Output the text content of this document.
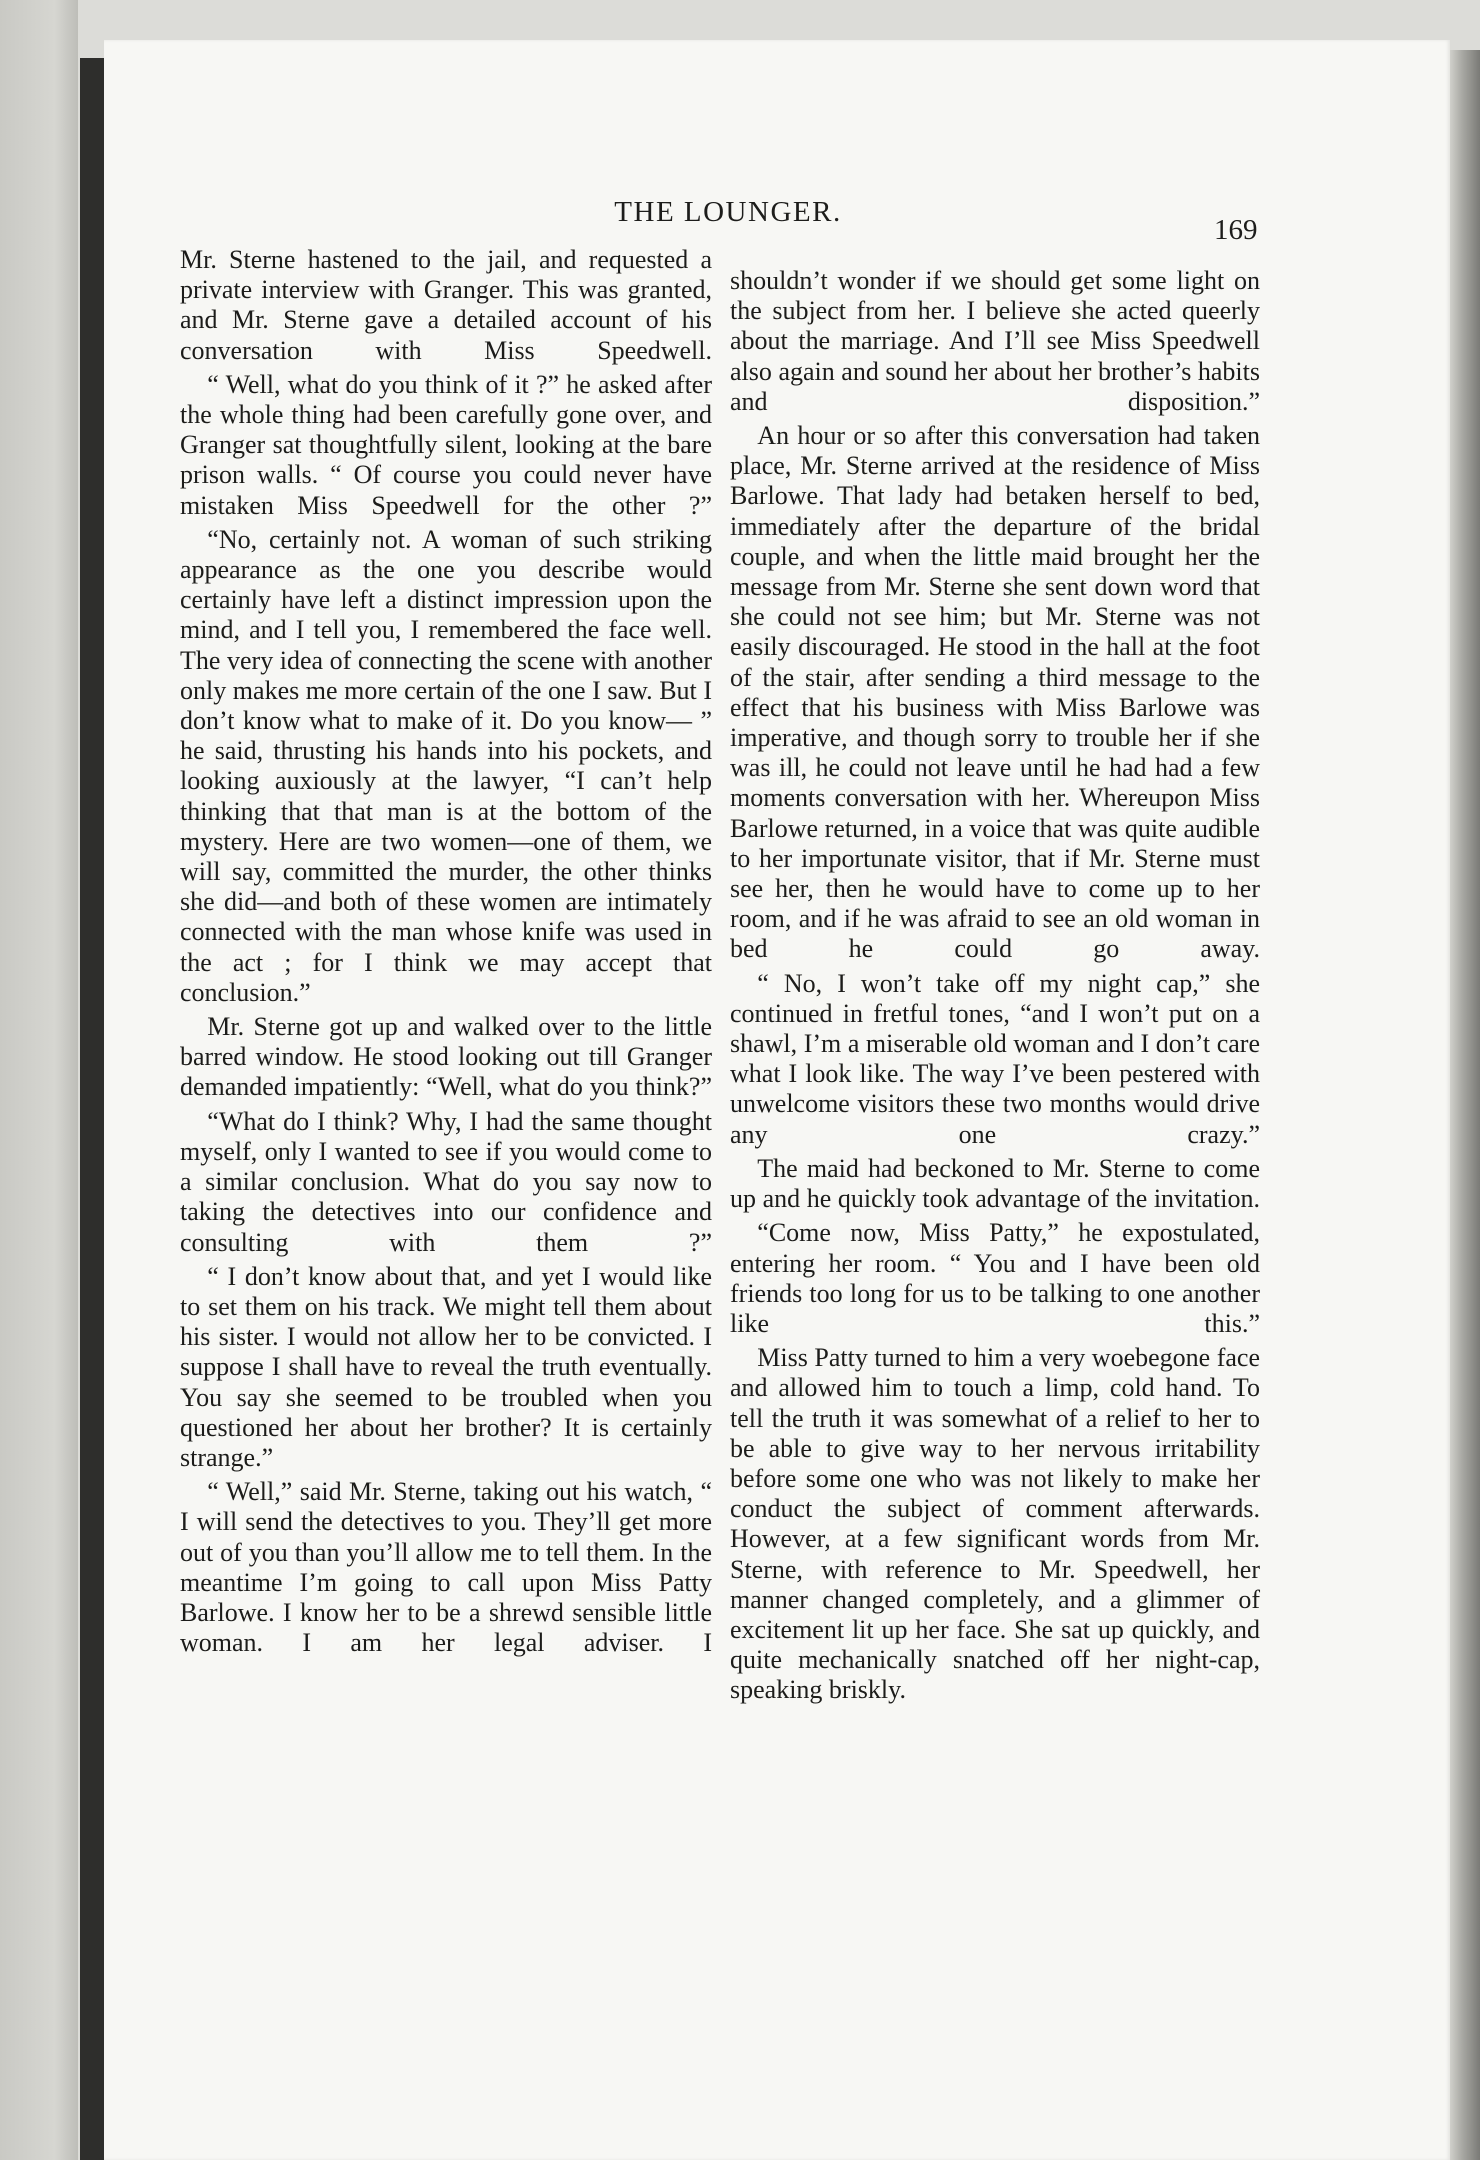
THE LOUNGER.
169

Mr. Sterne hastened to the jail, and requested a private interview with Granger. This was granted, and Mr. Sterne gave a detailed account of his conversation with Miss Speedwell.

“ Well, what do you think of it ?” he asked after the whole thing had been carefully gone over, and Granger sat thoughtfully silent, looking at the bare prison walls. “ Of course you could never have mistaken Miss Speedwell for the other ?”

“No, certainly not. A woman of such striking appearance as the one you describe would certainly have left a distinct impression upon the mind, and I tell you, I remembered the face well. The very idea of connecting the scene with another only makes me more certain of the one I saw. But I don’t know what to make of it. Do you know— ” he said, thrusting his hands into his pockets, and looking auxiously at the lawyer, “I can’t help thinking that that man is at the bottom of the mystery. Here are two women—one of them, we will say, committed the murder, the other thinks she did—and both of these women are intimately connected with the man whose knife was used in the act ; for I think we may accept that conclusion.”

Mr. Sterne got up and walked over to the little barred window. He stood looking out till Granger demanded impatiently: “Well, what do you think?”

“What do I think? Why, I had the same thought myself, only I wanted to see if you would come to a similar conclusion. What do you say now to taking the detectives into our confidence and consulting with them ?”

“ I don’t know about that, and yet I would like to set them on his track. We might tell them about his sister. I would not allow her to be convicted. I suppose I shall have to reveal the truth eventually. You say she seemed to be troubled when you questioned her about her brother? It is certainly strange.”

“ Well,” said Mr. Sterne, taking out his watch, “ I will send the detectives to you. They’ll get more out of you than you’ll allow me to tell them. In the meantime I’m going to call upon Miss Patty Barlowe. I know her to be a shrewd sensible little woman. I am her legal adviser. I

shouldn’t wonder if we should get some light on the subject from her. I believe she acted queerly about the marriage. And I’ll see Miss Speedwell also again and sound her about her brother’s habits and disposition.”

An hour or so after this conversation had taken place, Mr. Sterne arrived at the residence of Miss Barlowe. That lady had betaken herself to bed, immediately after the departure of the bridal couple, and when the little maid brought her the message from Mr. Sterne she sent down word that she could not see him; but Mr. Sterne was not easily discouraged. He stood in the hall at the foot of the stair, after sending a third message to the effect that his business with Miss Barlowe was imperative, and though sorry to trouble her if she was ill, he could not leave until he had had a few moments conversation with her. Whereupon Miss Barlowe returned, in a voice that was quite audible to her importunate visitor, that if Mr. Sterne must see her, then he would have to come up to her room, and if he was afraid to see an old woman in bed he could go away.

“ No, I won’t take off my night cap,” she continued in fretful tones, “and I won’t put on a shawl, I’m a miserable old woman and I don’t care what I look like. The way I’ve been pestered with unwelcome visitors these two months would drive any one crazy.”

The maid had beckoned to Mr. Sterne to come up and he quickly took advantage of the invitation.

“Come now, Miss Patty,” he expostulated, entering her room. “ You and I have been old friends too long for us to be talking to one another like this.”

Miss Patty turned to him a very woebegone face and allowed him to touch a limp, cold hand. To tell the truth it was somewhat of a relief to her to be able to give way to her nervous irritability before some one who was not likely to make her conduct the subject of comment afterwards. However, at a few significant words from Mr. Sterne, with reference to Mr. Speedwell, her manner changed completely, and a glimmer of excitement lit up her face. She sat up quickly, and quite mechanically snatched off her night-cap, speaking briskly.
